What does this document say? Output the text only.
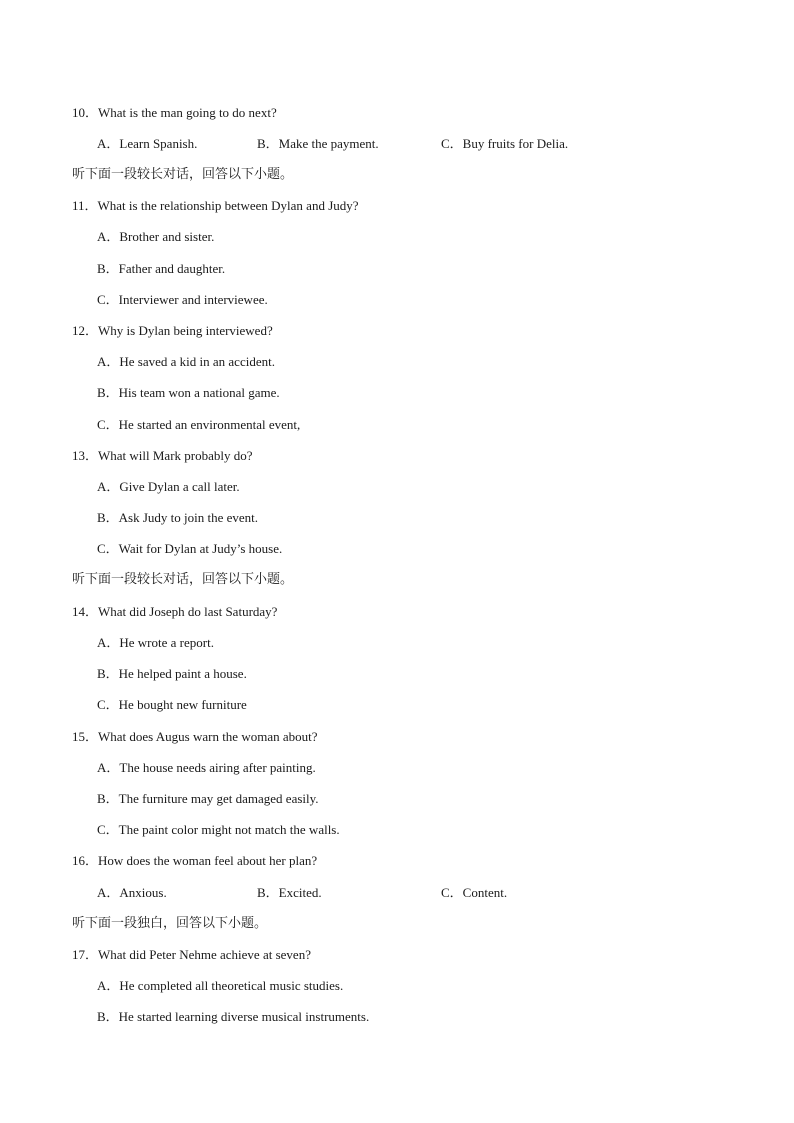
10．What is the man going to do next?
A．Learn Spanish.	B．Make the payment.	C．Buy fruits for Delia.
听下面一段较长对话，回答以下小题。
11．What is the relationship between Dylan and Judy?
A．Brother and sister.
B．Father and daughter.
C．Interviewer and interviewee.
12．Why is Dylan being interviewed?
A．He saved a kid in an accident.
B．His team won a national game.
C．He started an environmental event,
13．What will Mark probably do?
A．Give Dylan a call later.
B．Ask Judy to join the event.
C．Wait for Dylan at Judy’s house.
听下面一段较长对话，回答以下小题。
14．What did Joseph do last Saturday?
A．He wrote a report.
B．He helped paint a house.
C．He bought new furniture
15．What does Augus warn the woman about?
A．The house needs airing after painting.
B．The furniture may get damaged easily.
C．The paint color might not match the walls.
16．How does the woman feel about her plan?
A．Anxious.	B．Excited.	C．Content.
听下面一段独白，回答以下小题。
17．What did Peter Nehme achieve at seven?
A．He completed all theoretical music studies.
B．He started learning diverse musical instruments.
